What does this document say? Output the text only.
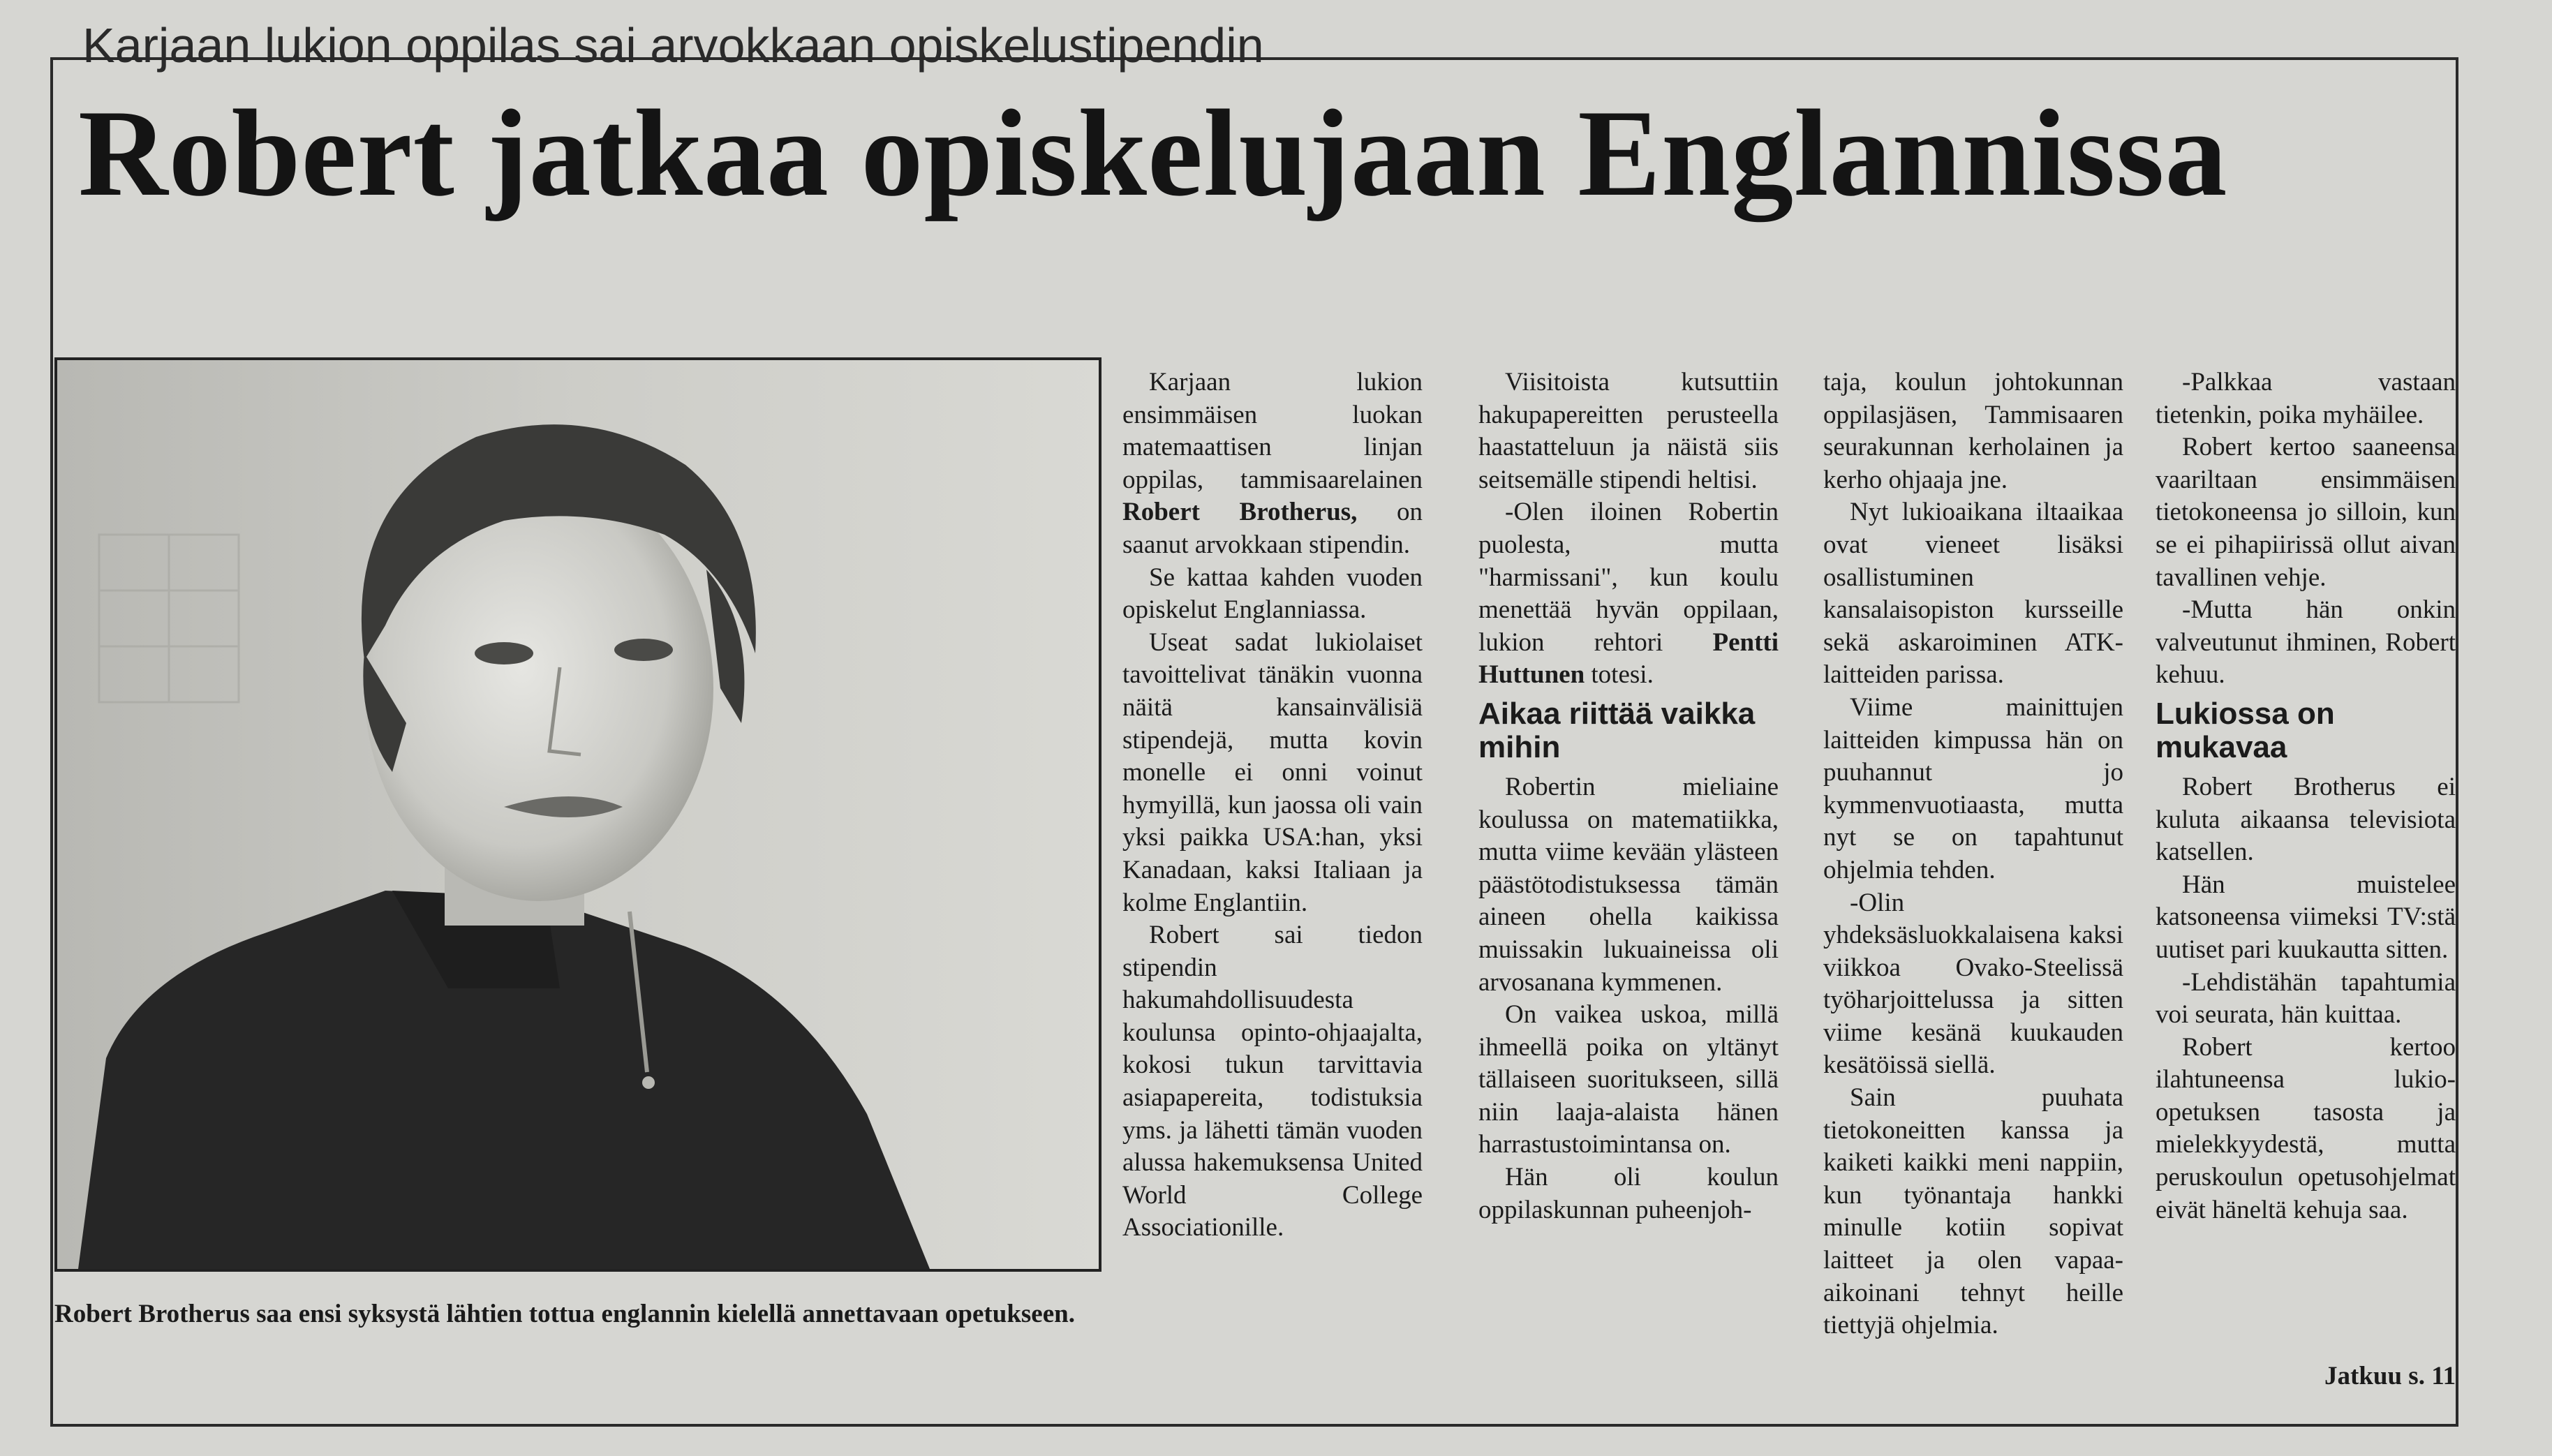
Karjaan lukion oppilas sai arvokkaan opiskelustipendin
Robert jatkaa opiskelujaan Englannissa
Robert Brotherus saa ensi syksystä lähtien tottua englannin kielellä annettavaan opetukseen.

Karjaan lukion ensimmäisen luokan matemaattisen linjan oppilas, tammisaarelainen Robert Brotherus, on saanut arvokkaan stipendin.

Se kattaa kahden vuoden opiskelut Englanniassa.

Useat sadat lukiolaiset tavoittelivat tänäkin vuonna näitä kansainvälisiä stipendejä, mutta kovin monelle ei onni voinut hymyillä, kun jaossa oli vain yksi paikka USA:han, yksi Kanadaan, kaksi Italiaan ja kolme Englantiin.

Robert sai tiedon stipendin hakumahdollisuudesta koulunsa opinto-ohjaajalta, kokosi tukun tarvittavia asiapapereita, todistuksia yms. ja lähetti tämän vuoden alussa hakemuksensa United World College Associationille.

Viisitoista kutsuttiin hakupapereitten perusteella haastatteluun ja näistä siis seitsemälle stipendi heltisi.

-Olen iloinen Robertin puolesta, mutta "harmissani", kun koulu menettää hyvän oppilaan, lukion rehtori Pentti Huttunen totesi.

Aikaa riittää vaikka mihin

Robertin mieliaine koulussa on matematiikka, mutta viime kevään ylästeen päästötodistuksessa tämän aineen ohella kaikissa muissakin lukuaineissa oli arvosanana kymmenen.

On vaikea uskoa, millä ihmeellä poika on yltänyt tällaiseen suoritukseen, sillä niin laaja-alaista hänen harrastustoimintansa on.

Hän oli koulun oppilaskunnan puheenjoh-

taja, koulun johtokunnan oppilasjäsen, Tammisaaren seurakunnan kerholainen ja kerho ohjaaja jne.

Nyt lukioaikana iltaaikaa ovat vieneet lisäksi osallistuminen kansalaisopiston kursseille sekä askaroiminen ATK-laitteiden parissa.

Viime mainittujen laitteiden kimpussa hän on puuhannut jo kymmenvuotiaasta, mutta nyt se on tapahtunut ohjelmia tehden.

-Olin yhdeksäsluokkalaisena kaksi viikkoa Ovako-Steelissä työharjoittelussa ja sitten viime kesänä kuukauden kesätöissä siellä.

Sain puuhata tietokoneitten kanssa ja kaiketi kaikki meni nappiin, kun työnantaja hankki minulle kotiin sopivat laitteet ja olen vapaa-aikoinani tehnyt heille tiettyjä ohjelmia.

-Palkkaa vastaan tietenkin, poika myhäilee.

Robert kertoo saaneensa vaariltaan ensimmäisen tietokoneensa jo silloin, kun se ei pihapiirissä ollut aivan tavallinen vehje.

-Mutta hän onkin valveutunut ihminen, Robert kehuu.

Lukiossa on mukavaa

Robert Brotherus ei kuluta aikaansa televisiota katsellen.

Hän muistelee katsoneensa viimeksi TV:stä uutiset pari kuukautta sitten.

-Lehdistähän tapahtumia voi seurata, hän kuittaa.

Robert kertoo ilahtuneensa lukio-opetuksen tasosta ja mielekkyydestä, mutta peruskoulun opetusohjelmat eivät häneltä kehuja saa.

Jatkuu s. 11
